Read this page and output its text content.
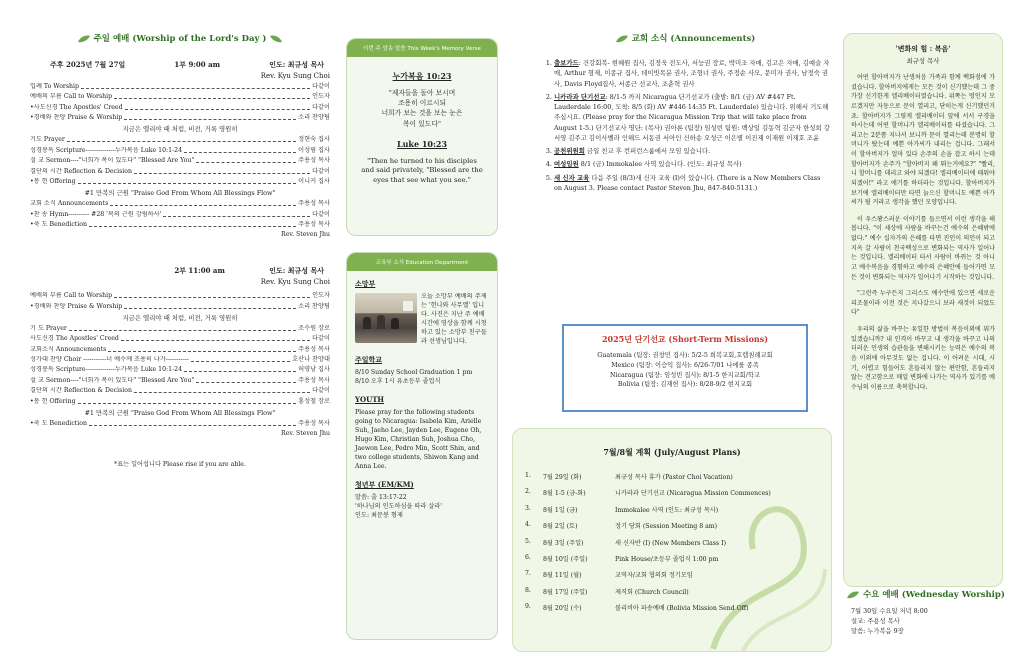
주일 예배 (Worship of the Lord's Day )
주후 2025년 7월 27일	1부 9:00 am	인도: 최규성 목사
Rev. Kyu Sung Choi
입례 To Worship	다같이
예배의 부름 Call to Worship	인도자
•사도신경 The Apostles' Creed	다같이
•경배와 찬양 Praise & Worship	소리 찬양팀
지금은 엘리야 때 처럼, 비전, 거룩 영원히
기도 Prayer	정현숙 집사
성경봉독 Scripture--------------누가복음 Luke 10:1-24	이성림 집사
설 교 Sermon----"너희가 복이 있도다" "Blessed Are You"	주용성 목사
결단의 시간 Reflection & Decision	다같이
•봉 헌 Offering	이니커 집사
#1 만복의 근원 "Praise God From Whom All Blessings Flow"
교회 소식 Announcements	주용성 목사
•찬 송 Hymn---------- #28 '복의 근원 강림하사'	다같이
•축 도 Benediction	주용성 목사
Rev. Steven Jhu
2부 11:00 am	인도: 최규성 목사
Rev. Kyu Sung Choi
예배의 부름 Call to Worship	인도자
•경배와 찬양 Praise & Worship	소리 찬양팀
지금은 엘리야 때 처럼, 비전, 거룩 영원히
기 도 Prayer	조수원 장로
사도신경 The Apostles' Creed	다같이
교회소식 Announcements	주용성 목사
성가대 찬양 Choir -----------너 예수께 조용히 나가-----------	호산나 찬양대
성경봉독 Scripture--------------누가복음 Luke 10:1-24	허영남 집사
설 교 Sermon----"너희가 복이 있도다" "Blessed Are You"	주용성 목사
결단의 시간 Reflection & Decision	다같이
•봉 헌 Offering	홍성철 장로
#1 만복의 근원 "Praise God From Whom All Blessings Flow"
•축 도 Benediction	주용성 목사
Rev. Steven Jhu
*표는 일어섭니다 Please rise if you are able.
이번 주 암송 말씀 This Week's Memory Verse
누가복음 10:23
"제자들을 돌아 보시며
조용히 이르시되
너희가 보는 것을 보는 눈은
복이 있도다"
Luke 10:23
"Then he turned to his disciples
and said privately, "Blessed are the
eyes that see what you see."
교육부 소식 Education Department
소망부
오늘 소망부 예배의 주제는 '헌나와 사무엘' 입니다. 사진은 지난 주 예배 시간에 영상을 함께 시청하고 있는 소망부 친구들과 선생님입니다.
주일학교
8/10 Sunday School Graduation 1 pm
8/10 오후 1시 유초등부 졸업식
YOUTH
Please pray for the following students going to Nicaragua: Isabela Kim, Arielle Suh, Jaeho Lee, Jayden Lee, Eugene Oh, Hugo Kim, Christian Suh, Joshua Cho, Jaewon Lee, Pedro Min, Scott Shin, and two college students, Shiwon Kang and Anna Lee.
청년부 (EM/KM)
말씀: 출 13:17-22
'하나님의 인도하심을 따라 살라'
인도: 최문봉 형제
교회 소식 (Announcements)
1. 출보가드: 건강회복- 현혜원 집사, 김정욱 전도사, 서능권 장로, 박미조 자매, 김고은 자매, 김예슬 자매, Arthur 형제, 이종규 집사, 데이빗목분 권사, 조형너 권사, 주정순 사모, 문미자 권사, 남정숙 권사, Davis Floyd집사, 서종근 선교사, 조춘혁 권사
2. 니카라과 단기선교: 8/1-5 까지 Nicaragua 단기선교가 (출발: 8/1 (금) AV #447 Ft. Lauderdale 16:00, 도착: 8/5 (화) AV #446 14:35 Ft. Lauderdale) 있습니다. 위해서 기도해 주십시요. (Please pray for the Nicaragua Mission Trip that will take place from August 1-5.) 단기선교사 명단: (목사) 권아론 (팀장) 임성빈 팀원: 백상일 김동혁 김군자 한성희 강서영 김주고 김이사벨라 인해드 서동권 서아인 신하송 오성근 이은별 이진재 이재원 이재호 조윤
3. 공천위원회 금일 친교 후 컨퍼런스룸에서 모임 있습니다.
4. 여성임원 8/1 (금) Immokalee 사역 있습니다. (인도: 최규성 목사)
5. 새 신자 교육 다음 주일 (8/3)새 신자 교육 (I)이 있습니다. (There is a New Members Class on August 3. Please contact Pastor Steven Jhu, 847-840-5131.)
2025년 단기선교 (Short-Term Missions)
Guatemala (팀장: 권창민 집사): 5/2-5 희복교회,호렙침례교회
Mexico (팀장: 이승익 집사): 6/26-7/01 나에를 종족
Nicaragua (팀장: 임성빈 집사): 8/1-5 한지교회/학교
Bolivia (팀장: 김재헌 집사): 8/28-9/2 현지교회
7월/8월 계획 (July/August Plans)
1.	7월 29일 (화)	최규성 목사 휴가 (Pastor Choi Vacation)
2.	8월 1-5 (금-화)	니카라과 단기선교 (Nicaragua Mission Commences)
3.	8월 1일 (금)	Immokalee 사역 (인도: 최규성 목사)
4.	8월 2일 (토)	정기 당회 (Session Meeting 8 am)
5.	8월 3일 (주일)	새 신자반 (I) (New Members Class I)
6.	8월 10일 (주일)	Pink House/초등부 졸업식 1:00 pm
7.	8월 11일 (월)	교역자/교회 협의회 정기모임
8.	8월 17일 (주일)	제직회 (Church Council)
9.	8월 20일 (수)	볼리비아 파송예배 (Bolivia Mission Send Off)
'변화의 힘 : 복음'
최규성 목사

어떤 할아버지가 난생처음 가족과 함께 백화점에 가셨습니다. 할아버지에게는 모든 것이 신기했는데 그 중 가장 신기한게 엘리베이터였습니다. 위쪽는 멍인지 모르겠지만 자동으로 문이 열리고, 닫히는게 신기했던거죠. 할아버지가 그렇게 엘리베이터 앞에 서서 구경을 하시는데 어떤 할머니가 엘리베이터를 타셨습니다. 그리고는 2분쯤 지나서 보니까 문이 열리는데 분명히 할머니가 탔는데 예쁜 아가씨가 내리는 겁니다. 그래서 이 할아버지가 얼마 있다 손주의 손을 잡고 하시 는데 할아버지가 손주가 "할아버지 왜 뛰는거에요?" "빨리, 니 할머니를 데리고 와야 되겠다! 엘리베이터에 태워야 되겠어!" 라고 얘기를 하더라는 것입니다. 할아버지가 보기에 엘리베이터만 타면 늙으신 할머니도 예쁜 아가씨가 될 거라고 생각을 했던 모양입니다.

이 우스꽝스러운 이야기를 들으면서 이런 생각을 해봅니다. "이 세상에 사람을 바꾸는건 예수의 은혜밖에 없다." 예수 십자가의 은혜를 타면 진인이 의인이 되고 지옥 갈 사람이 천국백성으로 변화되는 역사가 일어나는 것입니다. 엘리베이터 타서 사람이 바뀌는 것 아니고 예수복음을 경험하고 예수의 은혜안에 들어가면 모든 것이 변화되는 역사가 일어나기 시작하는 것입니다.

"그런즉 누구든지 그리스도 예수안에 있으면 새로운 피조물이라 이전 것은 지나갔으니 보라 새것이 되었도다"

우리의 삶을 바꾸는 유일한 방법이 복음이외에 뭐가 있겠습니까? 내 인격이 바꾸고 내 생각을 바꾸고 나의 더러운 인생의 습관들을 변해시키는 능력은 예수의 복음 이외에 아무것도 없는 겁니다. 이 어려운 시대, 시기, 어렵고 힘들어도 흔들리지 않는 편안함, 흔들리지 않는 견고함으로 매일 변화에 나가는 역사가 있기를 예수님의 이름으로 축복합니다.

수요 예배 (Wednesday Worship)
7월 30일 수요일 저녁 8:00
설교: 주용성 목사
말씀: 누가복음 9장
